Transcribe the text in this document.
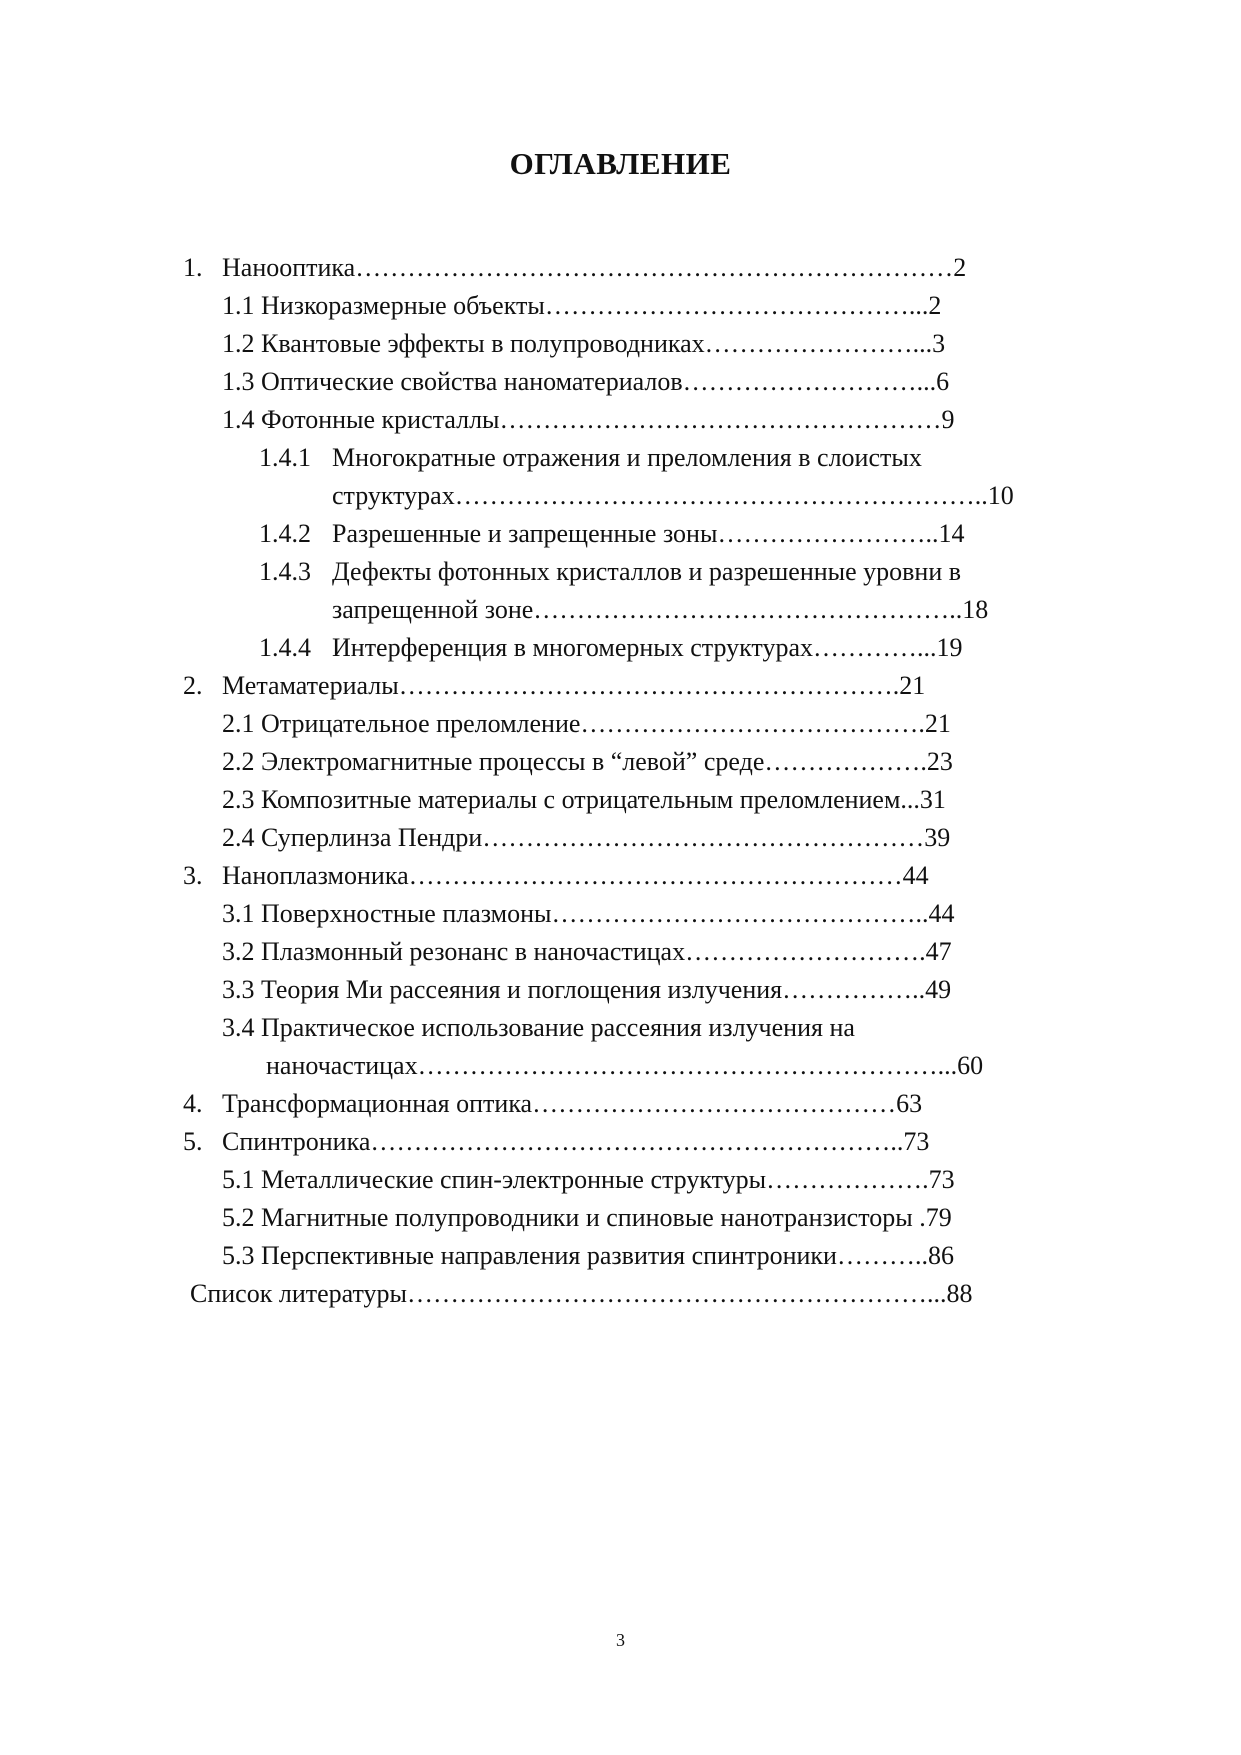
ОГЛАВЛЕНИЕ
1. Нанооптика……………………………………………………………2
1.1 Низкоразмерные объекты……………………………………...2
1.2 Квантовые эффекты в полупроводниках……………………...3
1.3 Оптические свойства наноматериалов………………………...6
1.4 Фотонные кристаллы……………………………………………9
1.4.1 Многократные отражения и преломления в слоистых
структурах……………………………………………………..10
1.4.2 Разрешенные и запрещенные зоны……………………..14
1.4.3 Дефекты фотонных кристаллов и разрешенные уровни в
запрещенной зоне…………………………………………..18
1.4.4 Интерференция в многомерных структурах…………...19
2. Метаматериалы………………………………………………….21
2.1 Отрицательное преломление………………………………….21
2.2 Электромагнитные процессы в “левой” среде……………….23
2.3 Композитные материалы с отрицательным преломлением...31
2.4 Суперлинза Пендри……………………………………………39
3. Наноплазмоника…………………………………………………44
3.1 Поверхностные плазмоны……………………………………..44
3.2 Плазмонный резонанс в наночастицах……………………….47
3.3 Теория Ми рассеяния и поглощения излучения……………..49
3.4 Практическое использование рассеяния излучения на
наночастицах……………………………………………………...60
4. Трансформационная оптика……………………………………63
5. Спинтроника……………………………………………………..73
5.1 Металлические спин-электронные структуры……………….73
5.2 Магнитные полупроводники и спиновые нанотранзисторы .79
5.3 Перспективные направления развития спинтроники………..86
Список литературы……………………………………………………...88
3
